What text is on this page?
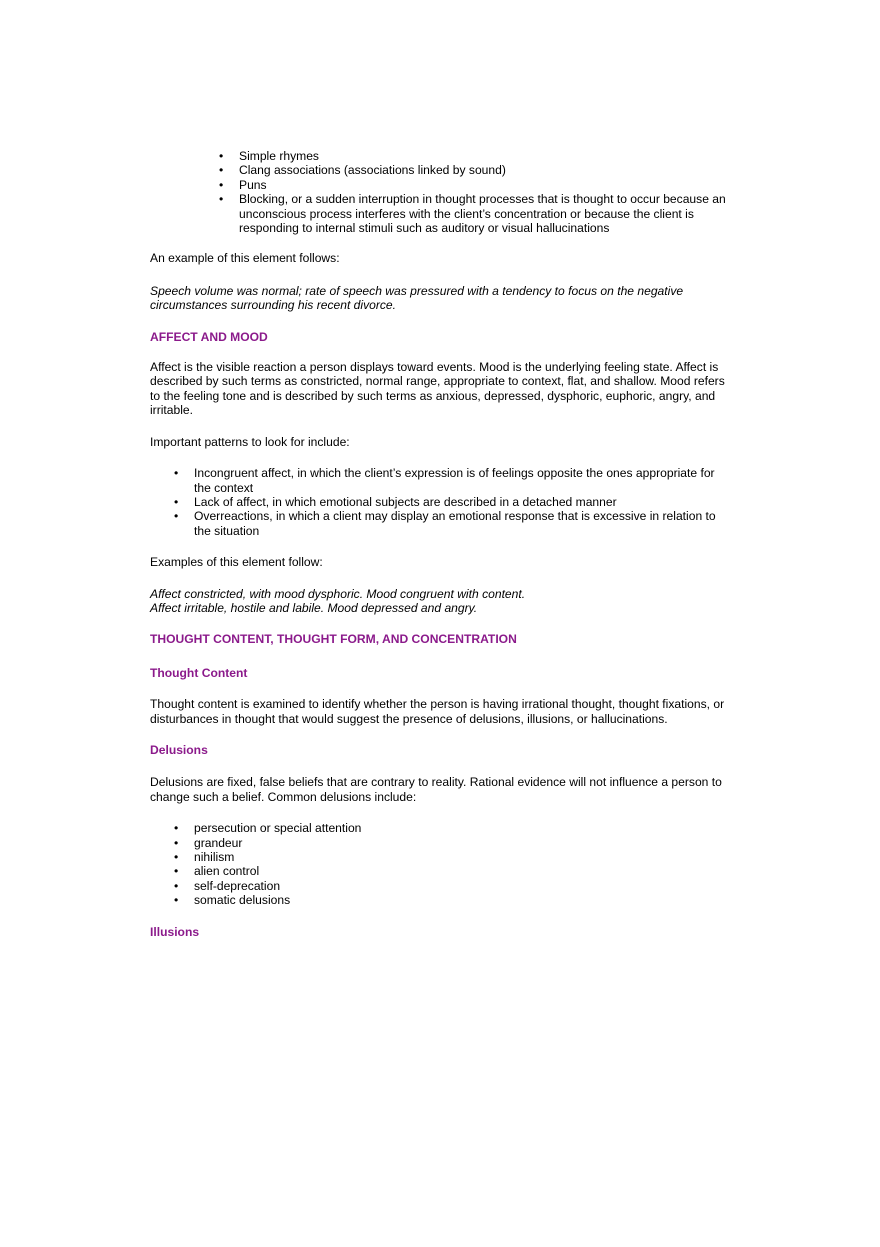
• Simple rhymes
• Clang associations (associations linked by sound)
• Puns
• Blocking, or a sudden interruption in thought processes that is thought to occur because an unconscious process interferes with the client’s concentration or because the client is responding to internal stimuli such as auditory or visual hallucinations

An example of this element follows:

Speech volume was normal; rate of speech was pressured with a tendency to focus on the negative circumstances surrounding his recent divorce.

AFFECT AND MOOD

Affect is the visible reaction a person displays toward events. Mood is the underlying feeling state. Affect is described by such terms as constricted, normal range, appropriate to context, flat, and shallow. Mood refers to the feeling tone and is described by such terms as anxious, depressed, dysphoric, euphoric, angry, and irritable.

Important patterns to look for include:

• Incongruent affect, in which the client’s expression is of feelings opposite the ones appropriate for the context
• Lack of affect, in which emotional subjects are described in a detached manner
• Overreactions, in which a client may display an emotional response that is excessive in relation to the situation

Examples of this element follow:

Affect constricted, with mood dysphoric. Mood congruent with content.

Affect irritable, hostile and labile. Mood depressed and angry.

THOUGHT CONTENT, THOUGHT FORM, AND CONCENTRATION

Thought Content

Thought content is examined to identify whether the person is having irrational thought, thought fixations, or disturbances in thought that would suggest the presence of delusions, illusions, or hallucinations.

Delusions

Delusions are fixed, false beliefs that are contrary to reality. Rational evidence will not influence a person to change such a belief. Common delusions include:

• persecution or special attention
• grandeur
• nihilism
• alien control
• self-deprecation
• somatic delusions

Illusions
